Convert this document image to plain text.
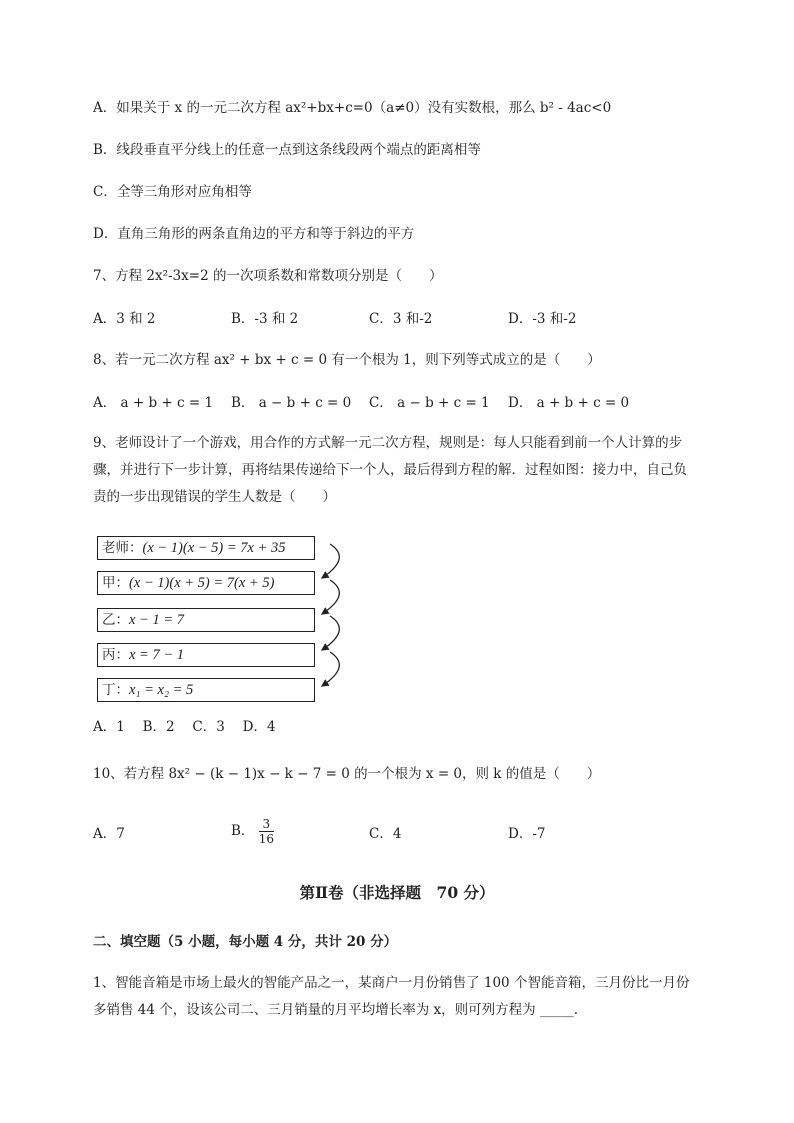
A．如果关于 x 的一元二次方程 ax²+bx+c=0（a≠0）没有实数根，那么 b² - 4ac<0
B．线段垂直平分线上的任意一点到这条线段两个端点的距离相等
C．全等三角形对应角相等
D．直角三角形的两条直角边的平方和等于斜边的平方
7、方程 2x²-3x=2 的一次项系数和常数项分别是（　　）
A．3 和 2	B．-3 和 2	C．3 和-2	D．-3 和-2
8、若一元二次方程 ax² + bx + c = 0 有一个根为 1，则下列等式成立的是（　　）
A． a + b + c = 1 B． a − b + c = 0 C． a − b + c = 1 D． a + b + c = 0
9、老师设计了一个游戏，用合作的方式解一元二次方程，规则是：每人只能看到前一个人计算的步
骤，并进行下一步计算，再将结果传递给下一个人，最后得到方程的解．过程如图：接力中，自己负
责的一步出现错误的学生人数是（　　）
老师：(x − 1)(x − 5) = 7x + 35
甲：(x − 1)(x + 5) = 7(x + 5)
乙：x − 1 = 7
丙：x = 7 − 1
丁：x₁ = x₂ = 5
A．1　 B．2　 C．3　 D．4
10、若方程 8x² − (k − 1)x − k − 7 = 0 的一个根为 x = 0，则 k 的值是（　　）
A．7	B． $\frac{3}{16}$	C．4	D．-7
第Ⅱ卷（非选择题　70 分）
二、填空题（5 小题，每小题 4 分，共计 20 分）
1、智能音箱是市场上最火的智能产品之一，某商户一月份销售了 100 个智能音箱，三月份比一月份
多销售 44 个，设该公司二、三月销量的月平均增长率为 x，则可列方程为 _____.
